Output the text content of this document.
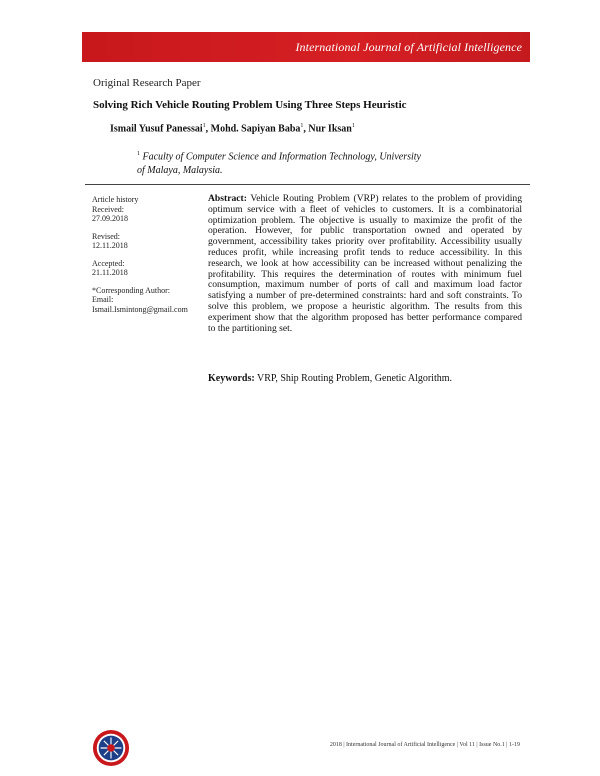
International Journal of Artificial Intelligence
Original Research Paper
Solving Rich Vehicle Routing Problem Using Three Steps Heuristic
Ismail Yusuf Panessai$^1$, Mohd. Sapiyan Baba$^1$, Nur Iksan$^1$
$^1$ Faculty of Computer Science and Information Technology, University of Malaya, Malaysia.
Article history
Received:
27.09.2018
Revised:
12.11.2018
Accepted:
21.11.2018
*Corresponding Author:
Email:
Ismail.Ismintong@gmail.com
Abstract: Vehicle Routing Problem (VRP) relates to the problem of providing optimum service with a fleet of vehicles to customers. It is a combinatorial optimization problem. The objective is usually to maximize the profit of the operation. However, for public transportation owned and operated by government, accessibility takes priority over profitability. Accessibility usually reduces profit, while increasing profit tends to reduce accessibility. In this research, we look at how accessibility can be increased without penalizing the profitability. This requires the determination of routes with minimum fuel consumption, maximum number of ports of call and maximum load factor satisfying a number of pre-determined constraints: hard and soft constraints. To solve this problem, we propose a heuristic algorithm. The results from this experiment show that the algorithm proposed has better performance compared to the partitioning set.
Keywords: VRP, Ship Routing Problem, Genetic Algorithm.
2018 | International Journal of Artificial Intelligence | Vol 11 | Issue No.1 | 1-19
